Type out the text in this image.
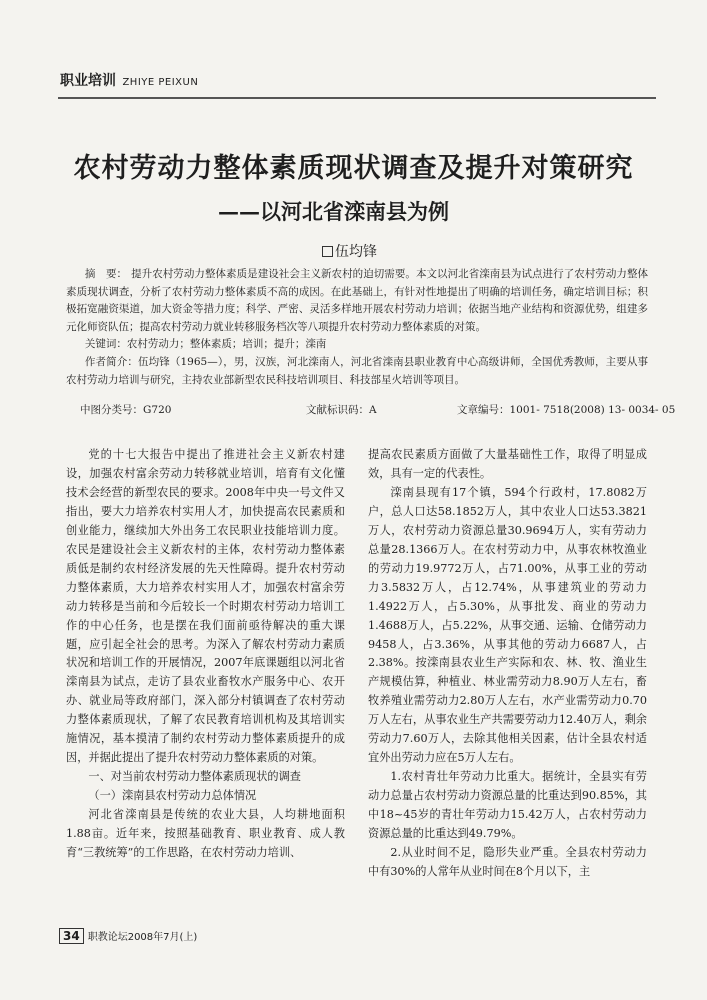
职业培训 ZHIYE PEIXUN
农村劳动力整体素质现状调查及提升对策研究
——以河北省滦南县为例
伍均锋

摘　要： 提升农村劳动力整体素质是建设社会主义新农村的迫切需要。本文以河北省滦南县为试点进行了农村劳动力整体素质现状调查，分析了农村劳动力整体素质不高的成因。在此基础上，有针对性地提出了明确的培训任务，确定培训目标；积极拓宽融资渠道，加大资金等措力度；科学、严密、灵活多样地开展农村劳动力培训；依据当地产业结构和资源优势，组建多元化师资队伍；提高农村劳动力就业转移服务档次等八项提升农村劳动力整体素质的对策。

关键词：农村劳动力；整体素质；培训；提升；滦南

作者简介：伍均锋（1965—），男，汉族，河北滦南人，河北省滦南县职业教育中心高级讲师，全国优秀教师，主要从事农村劳动力培训与研究，主持农业部新型农民科技培训项目、科技部星火培训等项目。

中图分类号：G720	文献标识码：A	文章编号：1001- 7518(2008) 13- 0034- 05

党的十七大报告中提出了推进社会主义新农村建设，加强农村富余劳动力转移就业培训，培育有文化懂技术会经营的新型农民的要求。2008年中央一号文件又指出，要大力培养农村实用人才，加快提高农民素质和创业能力，继续加大外出务工农民职业技能培训力度。农民是建设社会主义新农村的主体，农村劳动力整体素质低是制约农村经济发展的先天性障碍。提升农村劳动力整体素质，大力培养农村实用人才，加强农村富余劳动力转移是当前和今后较长一个时期农村劳动力培训工作的中心任务，也是摆在我们面前亟待解决的重大课题，应引起全社会的思考。为深入了解农村劳动力素质状况和培训工作的开展情况，2007年底课题组以河北省滦南县为试点，走访了县农业畜牧水产服务中心、农开办、就业局等政府部门，深入部分村镇调查了农村劳动力整体素质现状，了解了农民教育培训机构及其培训实施情况，基本摸清了制约农村劳动力整体素质提升的成因，并据此提出了提升农村劳动力整体素质的对策。

一、对当前农村劳动力整体素质现状的调查

（一）滦南县农村劳动力总体情况

河北省滦南县是传统的农业大县，人均耕地面积1.88亩。近年来，按照基础教育、职业教育、成人教育“三教统筹”的工作思路，在农村劳动力培训、

提高农民素质方面做了大量基础性工作，取得了明显成效，具有一定的代表性。

滦南县现有17个镇，594个行政村，17.8082万户，总人口达58.1852万人，其中农业人口达53.3821万人，农村劳动力资源总量30.9694万人，实有劳动力总量28.1366万人。在农村劳动力中，从事农林牧渔业的劳动力19.9772万人，占71.00%，从事工业的劳动力3.5832万人，占12.74%，从事建筑业的劳动力1.4922万人，占5.30%，从事批发、商业的劳动力1.4688万人，占5.22%，从事交通、运输、仓储劳动力9458人，占3.36%，从事其他的劳动力6687人，占2.38%。按滦南县农业生产实际和农、林、牧、渔业生产规模估算，种植业、林业需劳动力8.90万人左右，畜牧养殖业需劳动力2.80万人左右，水产业需劳动力0.70万人左右，从事农业生产共需要劳动力12.40万人，剩余劳动力7.60万人，去除其他相关因素，估计全县农村适宜外出劳动力应在5万人左右。

1.农村青壮年劳动力比重大。据统计，全县实有劳动力总量占农村劳动力资源总量的比重达到90.85%，其中18~45岁的青壮年劳动力15.42万人，占农村劳动力资源总量的比重达到49.79%。

2.从业时间不足，隐形失业严重。全县农村劳动力中有30%的人常年从业时间在8个月以下，主

34 职教论坛2008年7月(上)
